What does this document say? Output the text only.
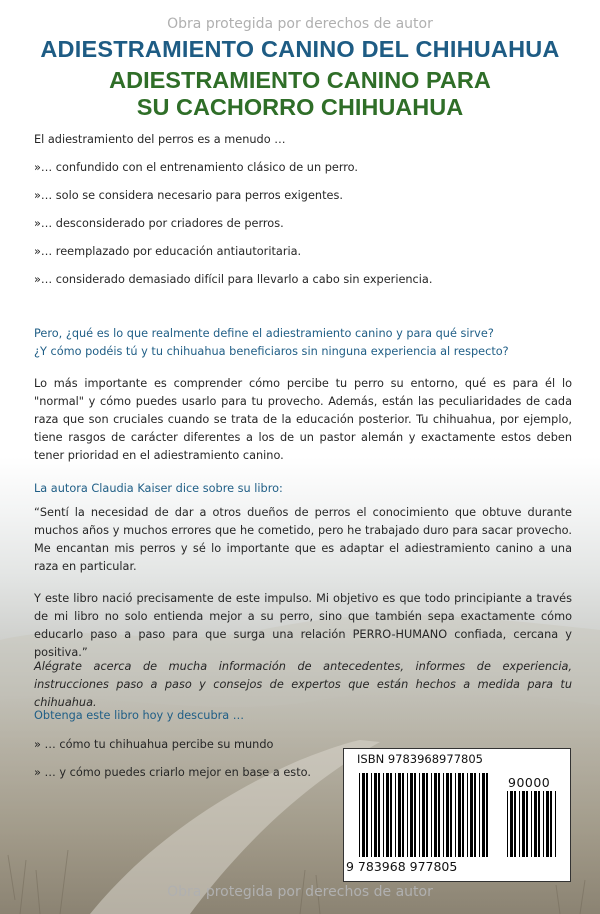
Obra protegida por derechos de autor
ADIESTRAMIENTO CANINO DEL CHIHUAHUA
ADIESTRAMIENTO CANINO PARA
SU CACHORRO CHIHUAHUA
El adiestramiento del perros es a menudo …
»… confundido con el entrenamiento clásico de un perro.
»… solo se considera necesario para perros exigentes.
»… desconsiderado por criadores de perros.
»… reemplazado por educación antiautoritaria.
»… considerado demasiado difícil para llevarlo a cabo sin experiencia.
Pero, ¿qué es lo que realmente define el adiestramiento canino y para qué sirve?
¿Y cómo podéis tú y tu chihuahua beneficiaros sin ninguna experiencia al respecto?
Lo más importante es comprender cómo percibe tu perro su entorno, qué es para él lo "normal" y cómo puedes usarlo para tu provecho. Además, están las peculiaridades de cada raza que son cruciales cuando se trata de la educación posterior. Tu chihuahua, por ejemplo, tiene rasgos de carácter diferentes a los de un pastor alemán y exactamente estos deben tener prioridad en el adiestramiento canino.
La autora Claudia Kaiser dice sobre su libro:
“Sentí la necesidad de dar a otros dueños de perros el conocimiento que obtuve durante muchos años y muchos errores que he cometido, pero he trabajado duro para sacar provecho. Me encantan mis perros y sé lo importante que es adaptar el adiestramiento canino a una raza en particular.
Y este libro nació precisamente de este impulso. Mi objetivo es que todo principiante a través de mi libro no solo entienda mejor a su perro, sino que también sepa exactamente cómo educarlo paso a paso para que surga una relación PERRO-HUMANO confiada, cercana y positiva.”
Alégrate acerca de mucha información de antecedentes, informes de experiencia, instrucciones paso a paso y consejos de expertos que están hechos a medida para tu chihuahua.
Obtenga este libro hoy y descubra …
» … cómo tu chihuahua percibe su mundo
» … y cómo puedes criarlo mejor en base a esto.
ISBN 9783968977805
90000
9 783968 977805
Obra protegida por derechos de autor
